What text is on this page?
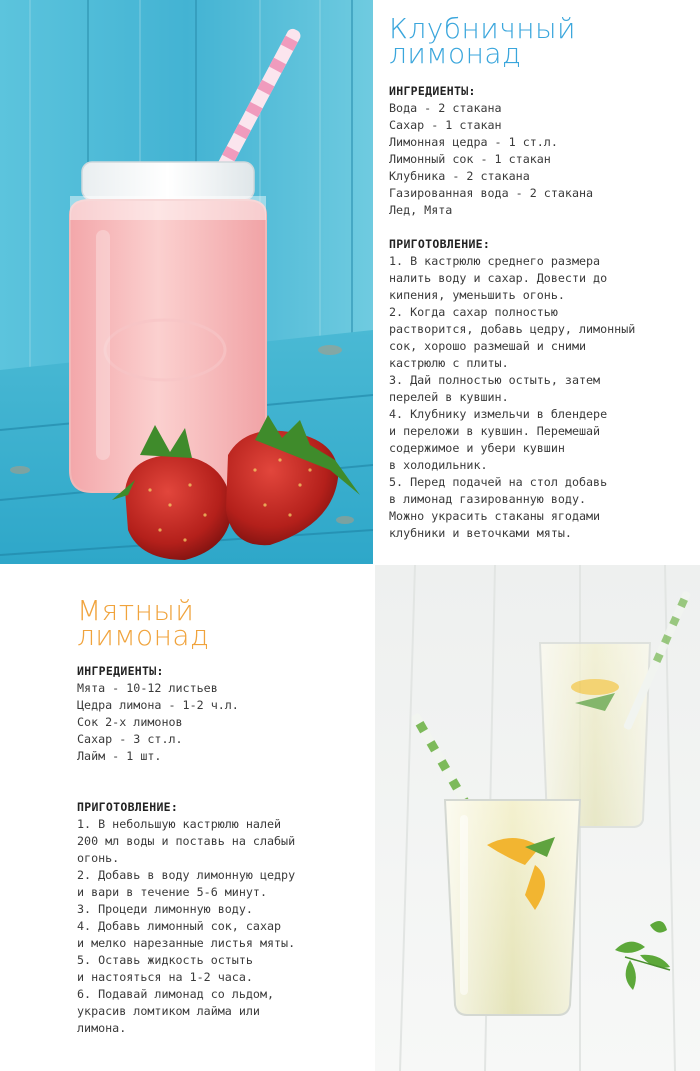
Клубничный
лимонад
ИНГРЕДИЕНТЫ:
Вода - 2 стакана
Сахар - 1 стакан
Лимонная цедра - 1 ст.л.
Лимонный сок - 1 стакан
Клубника - 2 стакана
Газированная вода - 2 стакана
Лед, Мята
ПРИГОТОВЛЕНИЕ:
1. В кастрюлю среднего размера
налить воду и сахар. Довести до
кипения, уменьшить огонь.
2. Когда сахар полностью
растворится, добавь цедру, лимонный
сок, хорошо размешай и сними
кастрюлю с плиты.
3. Дай полностью остыть, затем
перелей в кувшин.
4. Клубнику измельчи в блендере
и переложи в кувшин. Перемешай
содержимое и убери кувшин
в холодильник.
5. Перед подачей на стол добавь
в лимонад газированную воду.
Можно украсить стаканы ягодами
клубники и веточками мяты.
Мятный
лимонад
ИНГРЕДИЕНТЫ:
Мята - 10-12 листьев
Цедра лимона - 1-2 ч.л.
Сок 2-х лимонов
Сахар - 3 ст.л.
Лайм - 1 шт.
ПРИГОТОВЛЕНИЕ:
1. В небольшую кастрюлю налей
200 мл воды и поставь на слабый
огонь.
2. Добавь в воду лимонную цедру
и вари в течение 5-6 минут.
3. Процеди лимонную воду.
4. Добавь лимонный сок, сахар
и мелко нарезанные листья мяты.
5. Оставь жидкость остыть
и настояться на 1-2 часа.
6. Подавай лимонад со льдом,
украсив ломтиком лайма или
лимона.
